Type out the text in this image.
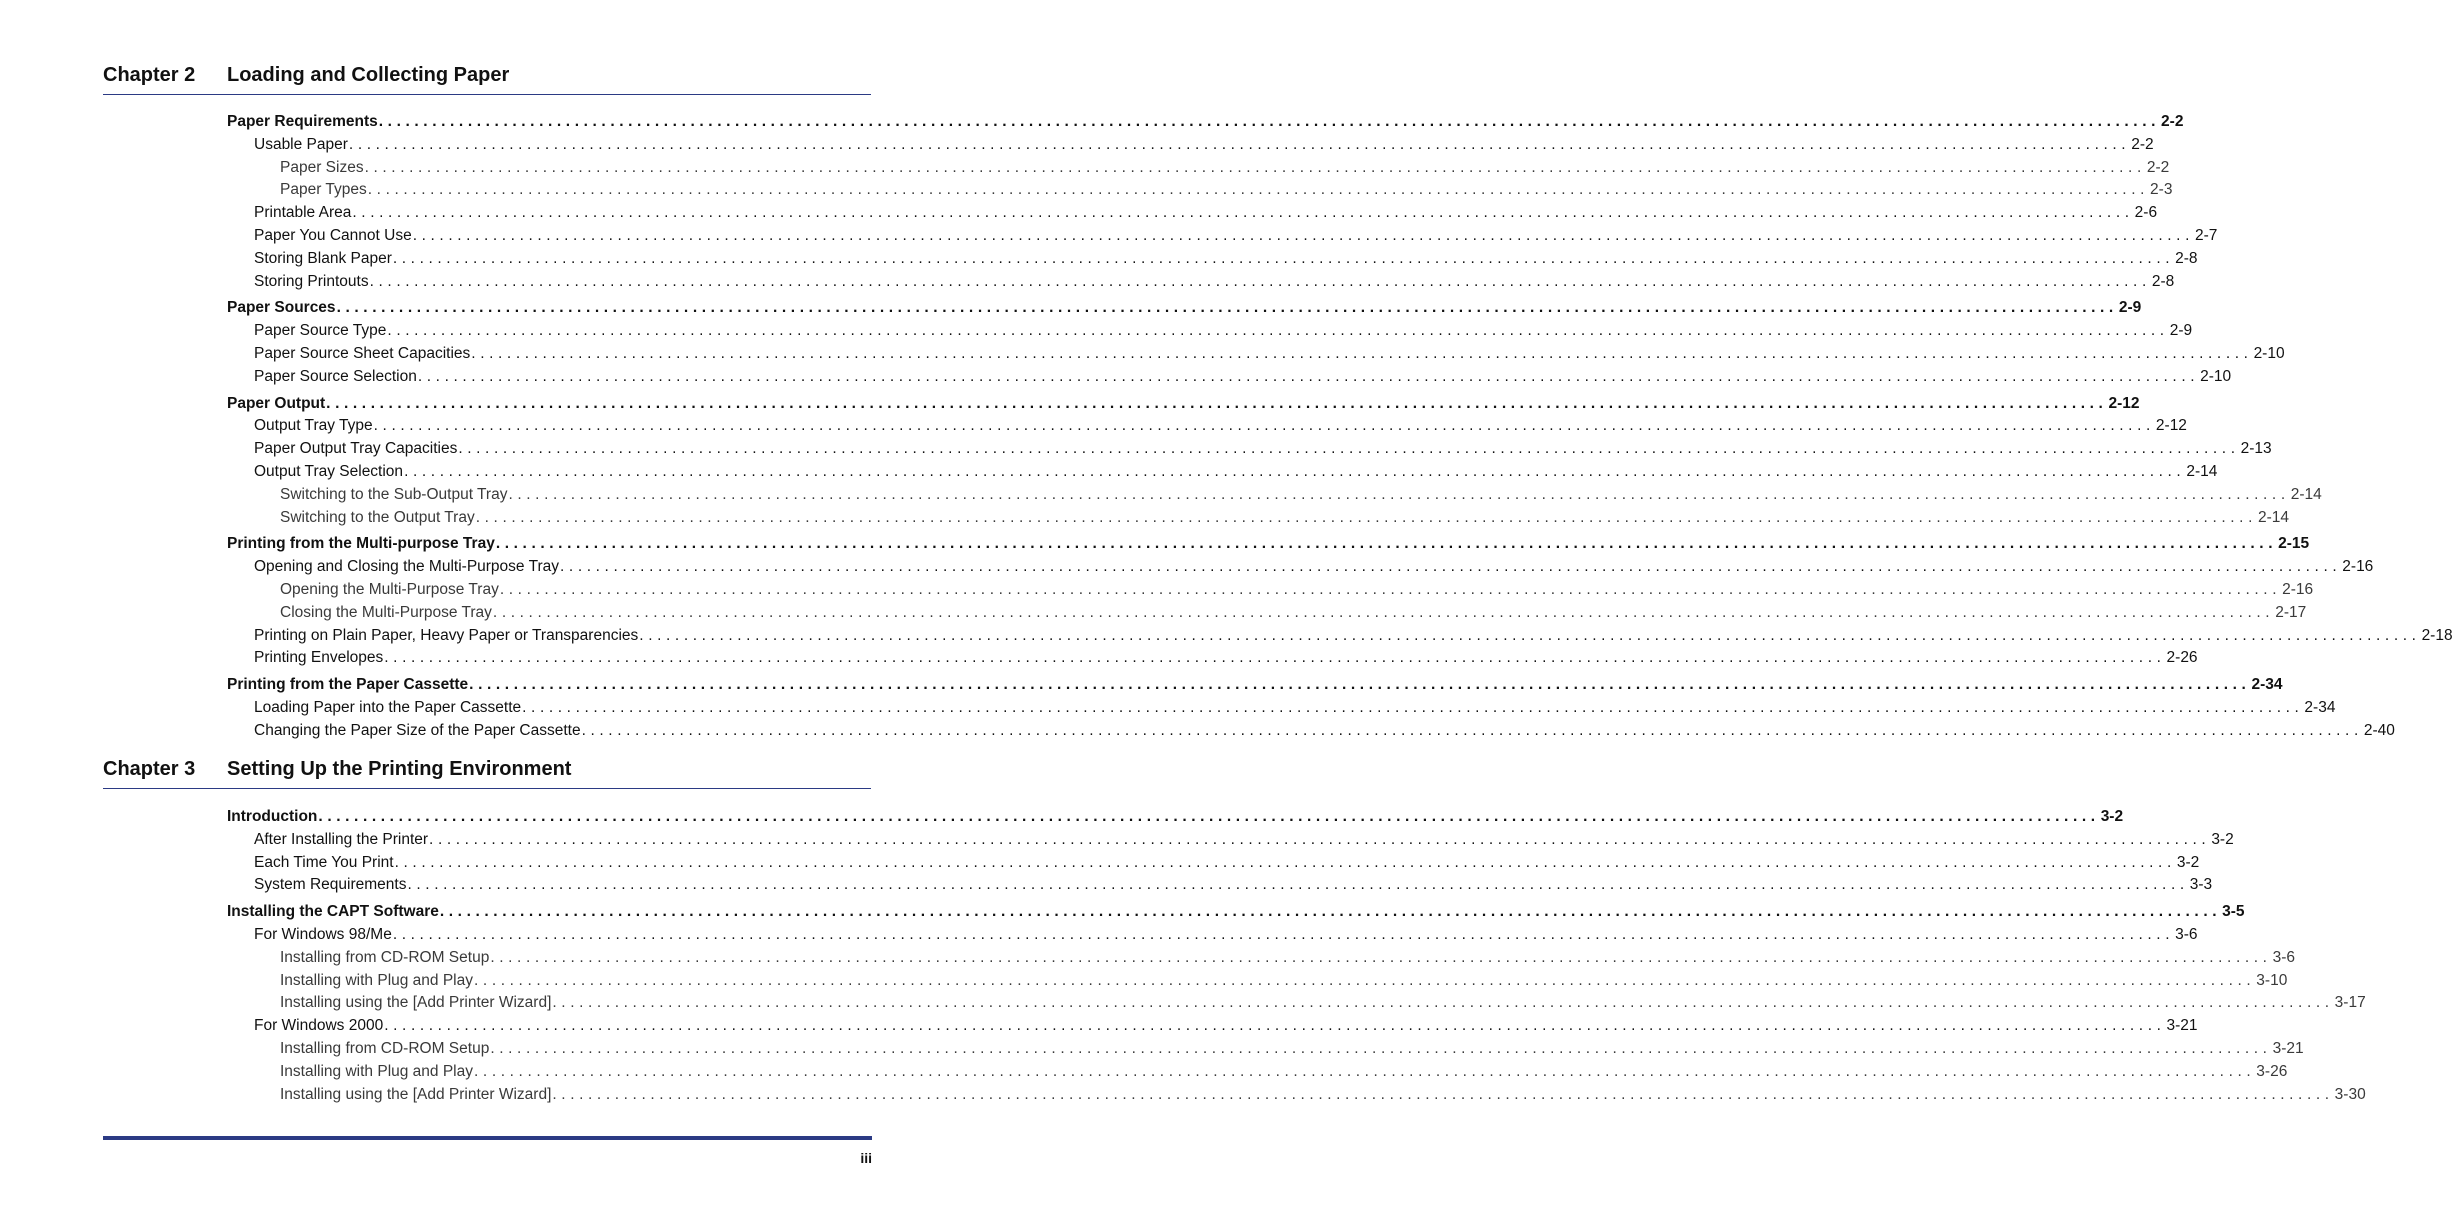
Chapter 2 Loading and Collecting Paper
Paper Requirements ........................................................................................................................................................................................................ 2-2
Usable Paper ........................................................................................................................................................................................................ 2-2
Paper Sizes ........................................................................................................................................................................................................ 2-2
Paper Types ........................................................................................................................................................................................................ 2-3
Printable Area ........................................................................................................................................................................................................ 2-6
Paper You Cannot Use ........................................................................................................................................................................................................ 2-7
Storing Blank Paper ........................................................................................................................................................................................................ 2-8
Storing Printouts ........................................................................................................................................................................................................ 2-8
Paper Sources ........................................................................................................................................................................................................ 2-9
Paper Source Type ........................................................................................................................................................................................................ 2-9
Paper Source Sheet Capacities ........................................................................................................................................................................................................ 2-10
Paper Source Selection ........................................................................................................................................................................................................ 2-10
Paper Output ........................................................................................................................................................................................................ 2-12
Output Tray Type ........................................................................................................................................................................................................ 2-12
Paper Output Tray Capacities ........................................................................................................................................................................................................ 2-13
Output Tray Selection ........................................................................................................................................................................................................ 2-14
Switching to the Sub-Output Tray ........................................................................................................................................................................................................ 2-14
Switching to the Output Tray ........................................................................................................................................................................................................ 2-14
Printing from the Multi-purpose Tray ........................................................................................................................................................................................................ 2-15
Opening and Closing the Multi-Purpose Tray ........................................................................................................................................................................................................ 2-16
Opening the Multi-Purpose Tray ........................................................................................................................................................................................................ 2-16
Closing the Multi-Purpose Tray ........................................................................................................................................................................................................ 2-17
Printing on Plain Paper, Heavy Paper or Transparencies ........................................................................................................................................................................................................ 2-18
Printing Envelopes ........................................................................................................................................................................................................ 2-26
Printing from the Paper Cassette ........................................................................................................................................................................................................ 2-34
Loading Paper into the Paper Cassette ........................................................................................................................................................................................................ 2-34
Changing the Paper Size of the Paper Cassette ........................................................................................................................................................................................................ 2-40
Chapter 3 Setting Up the Printing Environment
Introduction ........................................................................................................................................................................................................ 3-2
After Installing the Printer ........................................................................................................................................................................................................ 3-2
Each Time You Print ........................................................................................................................................................................................................ 3-2
System Requirements ........................................................................................................................................................................................................ 3-3
Installing the CAPT Software ........................................................................................................................................................................................................ 3-5
For Windows 98/Me ........................................................................................................................................................................................................ 3-6
Installing from CD-ROM Setup ........................................................................................................................................................................................................ 3-6
Installing with Plug and Play ........................................................................................................................................................................................................ 3-10
Installing using the [Add Printer Wizard] ........................................................................................................................................................................................................ 3-17
For Windows 2000 ........................................................................................................................................................................................................ 3-21
Installing from CD-ROM Setup ........................................................................................................................................................................................................ 3-21
Installing with Plug and Play ........................................................................................................................................................................................................ 3-26
Installing using the [Add Printer Wizard] ........................................................................................................................................................................................................ 3-30
iii
